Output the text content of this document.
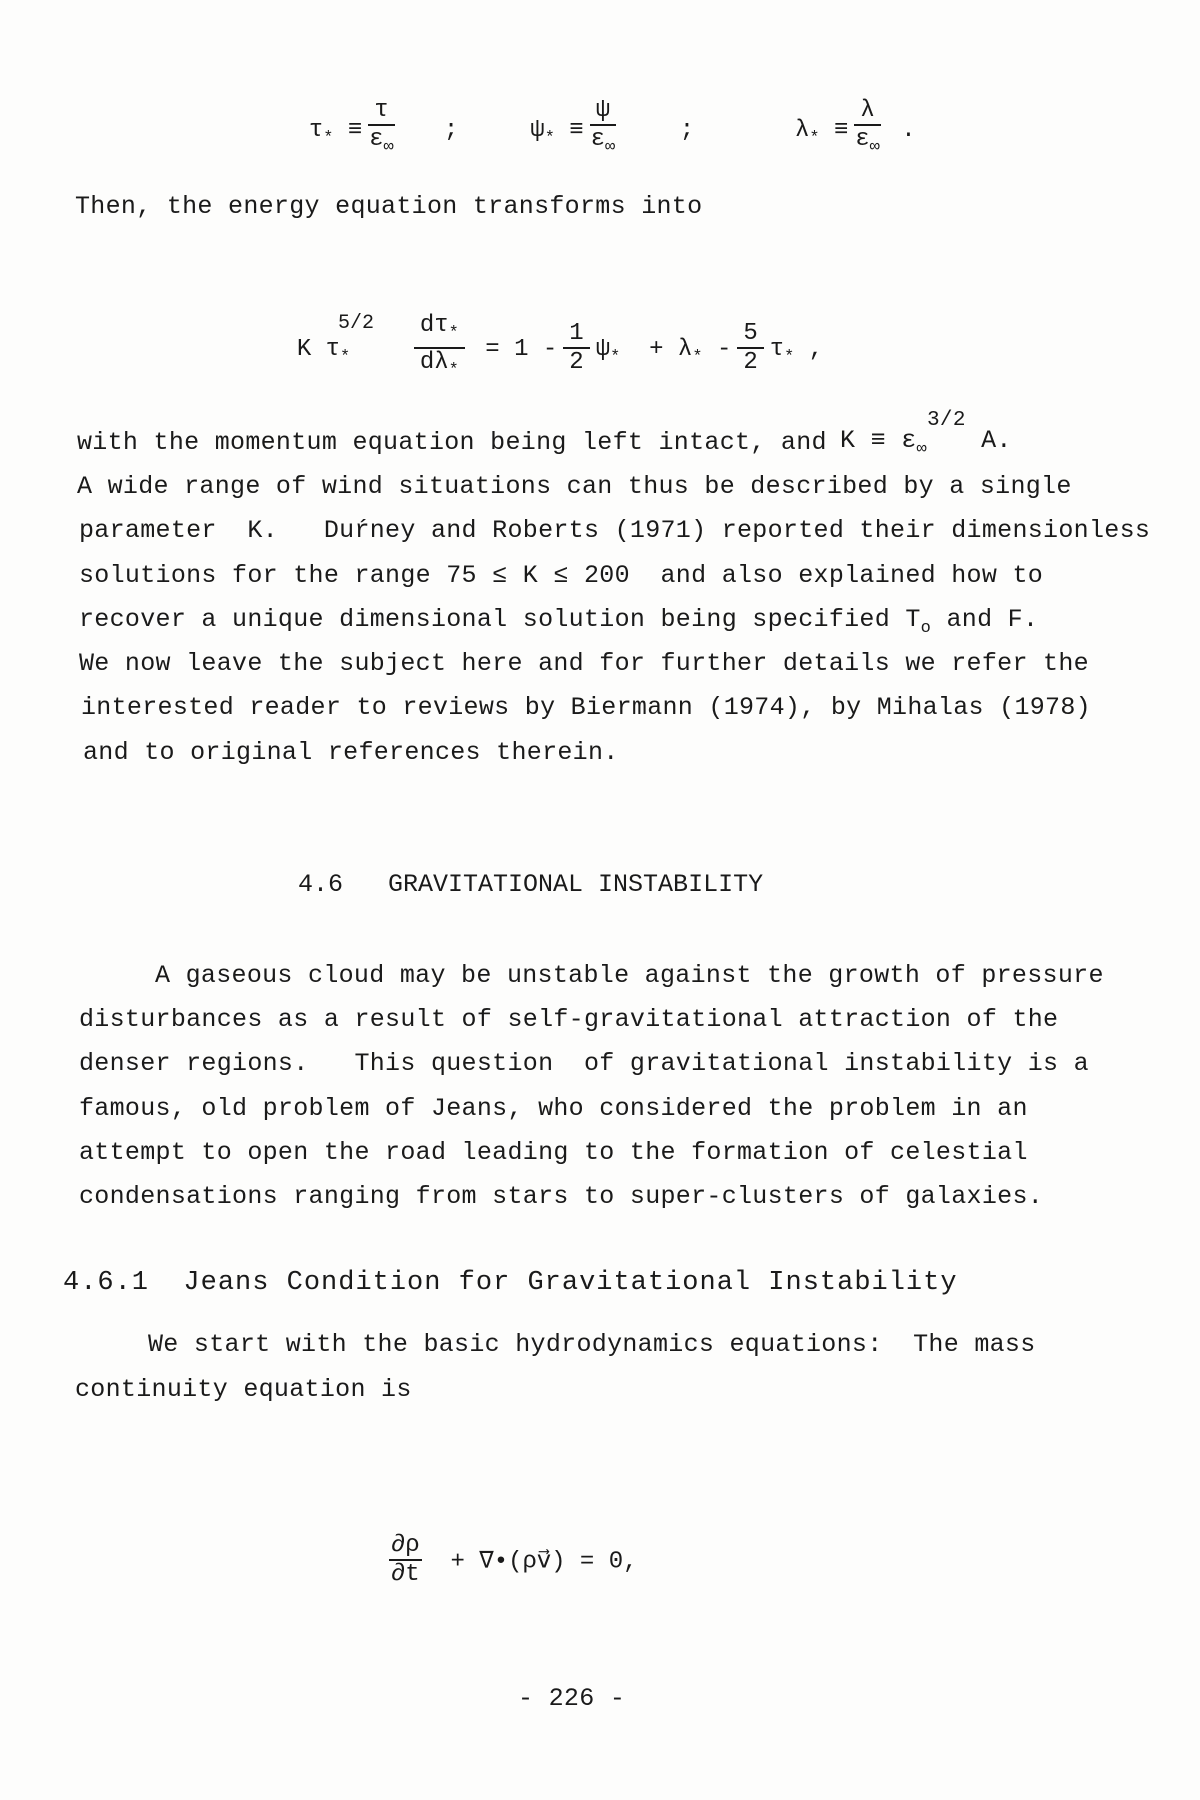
$\tau_* \equiv \frac{\tau}{\varepsilon_\infty}$ ;	$\psi_* \equiv \frac{\psi}{\varepsilon_\infty}$	;	$\lambda_* \equiv \frac{\lambda}{\varepsilon_\infty}$ .

Then, the energy equation transforms into

K $\tau_*$
5/2
$\frac{d\tau_*}{d\lambda_*} = 1 - \frac{1}{2} \psi_* + \lambda_* - \frac{5}{2} \tau_*$ ,

with the momentum equation being left intact, and $K \equiv \varepsilon_\infty^{3/2}$ A.
A wide range of wind situations can thus be described by a single
parameter  K.   Duŕney and Roberts (1971) reported their dimensionless
solutions for the range 75 ≤ K ≤ 200  and also explained how to
recover a unique dimensional solution being specified $T_o$ and F.
We now leave the subject here and for further details we refer the
interested reader to reviews by Biermann (1974), by Mihalas (1978)
and to original references therein.
4.6   GRAVITATIONAL INSTABILITY
A gaseous cloud may be unstable against the growth of pressure
disturbances as a result of self-gravitational attraction of the
denser regions.   This question  of gravitational instability is a
famous, old problem of Jeans, who considered the problem in an
attempt to open the road leading to the formation of celestial
condensations ranging from stars to super-clusters of galaxies.
4.6.1  Jeans Condition for Gravitational Instability
We start with the basic hydrodynamics equations:  The mass
continuity equation is

$\frac{\partial\rho}{\partial t}$ + ∇•(ρv⃗) = 0,

- 226 -
